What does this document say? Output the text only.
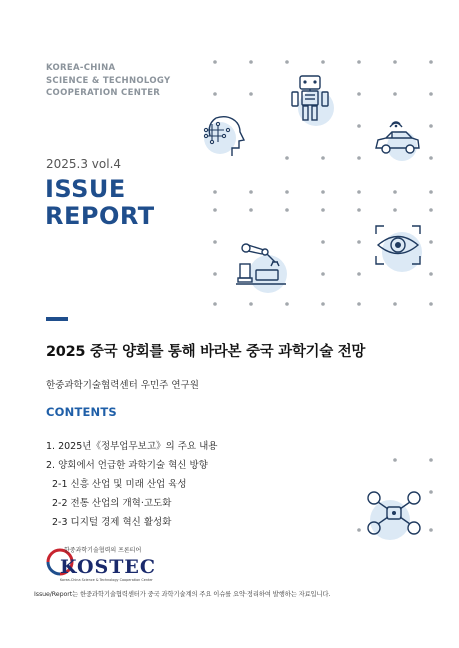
KOREA-CHINA
SCIENCE & TECHNOLOGY
COOPERATION CENTER
2025.3 vol.4
ISSUE
REPORT
2025 중국 양회를 통해 바라본 중국 과학기술 전망
한중과학기술협력센터 우민주 연구원
CONTENTS
1. 2025년《정부업무보고》의 주요 내용
2. 양회에서 언급한 과학기술 혁신 방향
2-1 신흥 산업 및 미래 산업 육성
2-2 전통 산업의 개혁·고도화
2-3 디지털 경제 혁신 활성화
한중과학기술협력의 프론티어
KOSTEC
Korea-China Science & Technology Cooperation Center
Issue/Report는 한중과학기술협력센터가 중국 과학기술계의 주요 이슈를 요약·정리하여 발행하는 자료입니다.
